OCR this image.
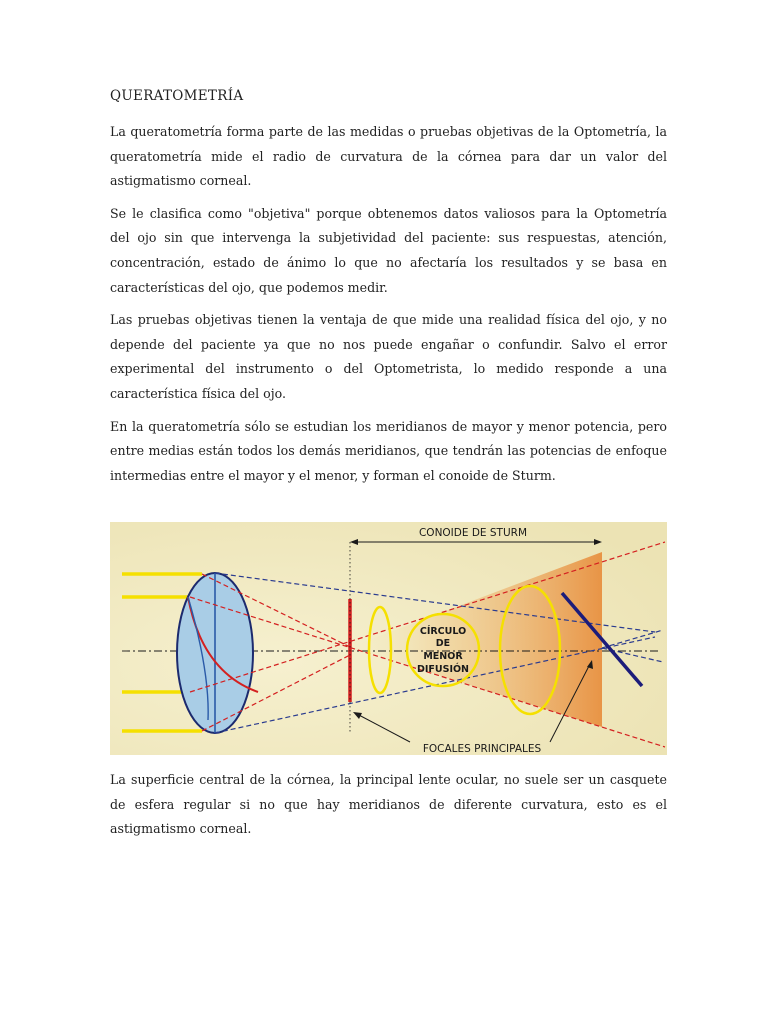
QUERATOMETRÍA

La queratometría forma parte de las medidas o pruebas objetivas de la Optometría, la queratometría mide el radio de curvatura de la córnea para dar un valor del astigmatismo corneal.

Se le clasifica como "objetiva" porque obtenemos datos valiosos para la Optometría del ojo sin que intervenga la subjetividad del paciente: sus respuestas, atención, concentración, estado de ánimo lo que no afectaría los resultados y se basa en características del ojo, que podemos medir.

Las pruebas objetivas tienen la ventaja de que mide una realidad física del ojo, y no depende del paciente ya que no nos puede engañar o confundir. Salvo el error experimental del instrumento o del Optometrista, lo medido responde a una característica física del ojo.

En la queratometría sólo se estudian los meridianos de mayor y menor potencia, pero entre medias están todos los demás meridianos, que tendrán las potencias de enfoque intermedias entre el mayor y el menor, y forman el conoide de Sturm.

CONOIDE DE STURM
CÍRCULO
DE
MENOR
DIFUSIÓN
FOCALES PRINCIPALES

La superficie central de la córnea, la principal lente ocular, no suele ser un casquete de esfera regular si no que hay meridianos de diferente curvatura, esto es el astigmatismo corneal.
